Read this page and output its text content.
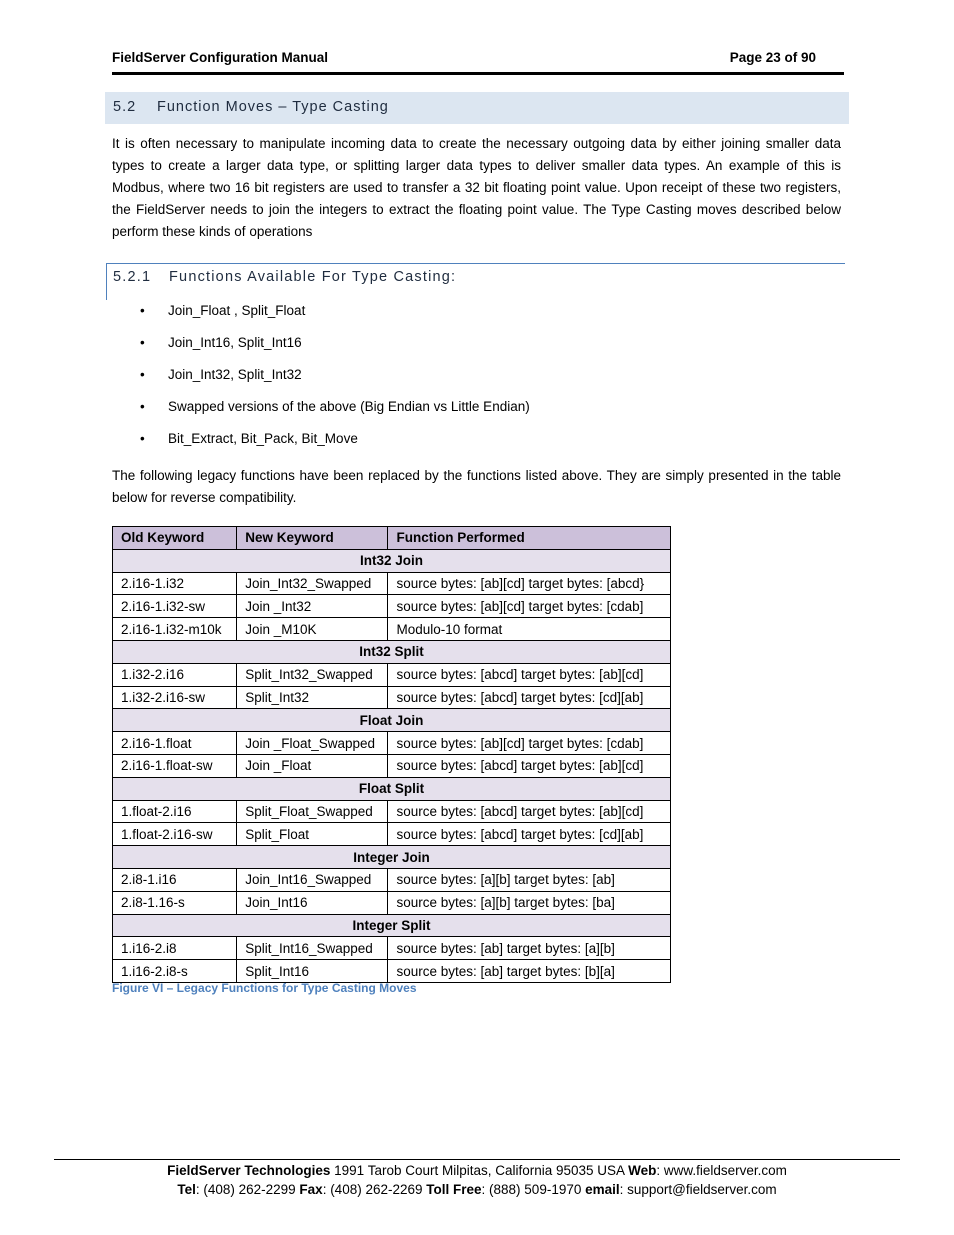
FieldServer Configuration Manual	Page 23 of 90
5.2 Function Moves – Type Casting
It is often necessary to manipulate incoming data to create the necessary outgoing data by either joining smaller data types to create a larger data type, or splitting larger data types to deliver smaller data types. An example of this is Modbus, where two 16 bit registers are used to transfer a 32 bit floating point value. Upon receipt of these two registers, the FieldServer needs to join the integers to extract the floating point value. The Type Casting moves described below perform these kinds of operations
5.2.1 Functions Available For Type Casting:
• Join_Float , Split_Float
• Join_Int16, Split_Int16
• Join_Int32, Split_Int32
• Swapped versions of the above (Big Endian vs Little Endian)
• Bit_Extract, Bit_Pack, Bit_Move
The following legacy functions have been replaced by the functions listed above. They are simply presented in the table below for reverse compatibility.
Old Keyword	New Keyword	Function Performed
Int32 Join		
2.i16-1.i32	Join_Int32_Swapped	source bytes: [ab][cd] target bytes: [abcd}
2.i16-1.i32-sw	Join _Int32	source bytes: [ab][cd] target bytes: [cdab]
2.i16-1.i32-m10k	Join _M10K	Modulo-10 format
Int32 Split		
1.i32-2.i16	Split_Int32_Swapped	source bytes: [abcd] target bytes: [ab][cd]
1.i32-2.i16-sw	Split_Int32	source bytes: [abcd] target bytes: [cd][ab]
Float Join		
2.i16-1.float	Join _Float_Swapped	source bytes: [ab][cd] target bytes: [cdab]
2.i16-1.float-sw	Join _Float	source bytes: [abcd] target bytes: [ab][cd]
Float Split		
1.float-2.i16	Split_Float_Swapped	source bytes: [abcd] target bytes: [ab][cd]
1.float-2.i16-sw	Split_Float	source bytes: [abcd] target bytes: [cd][ab]
Integer Join		
2.i8-1.i16	Join_Int16_Swapped	source bytes: [a][b] target bytes: [ab]
2.i8-1.16-s	Join_Int16	source bytes: [a][b] target bytes: [ba]
Integer Split		
1.i16-2.i8	Split_Int16_Swapped	source bytes: [ab] target bytes: [a][b]
1.i16-2.i8-s	Split_Int16	source bytes: [ab] target bytes: [b][a]
Figure VI – Legacy Functions for Type Casting Moves
FieldServer Technologies 1991 Tarob Court Milpitas, California 95035 USA Web: www.fieldserver.com
Tel: (408) 262-2299 Fax: (408) 262-2269 Toll Free: (888) 509-1970 email: support@fieldserver.com
